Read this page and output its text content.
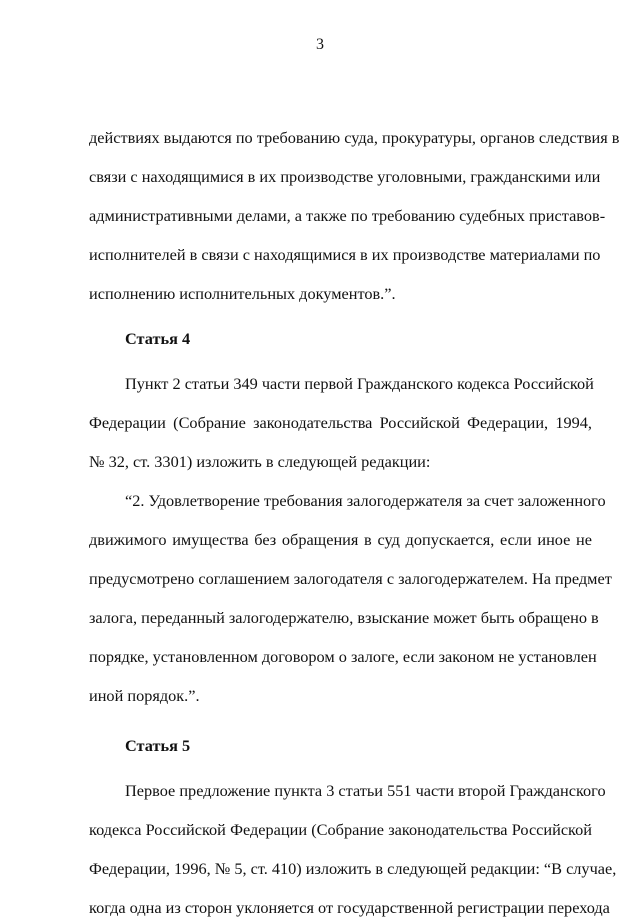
3
действиях выдаются по требованию суда, прокуратуры, органов следствия в
связи с находящимися в их производстве уголовными, гражданскими или
административными делами, а также по требованию судебных приставов-
исполнителей в связи с находящимися в их производстве материалами по
исполнению исполнительных документов.”.
Статья 4
Пункт 2 статьи 349 части первой Гражданского кодекса Российской
Федерации (Собрание законодательства Российской Федерации, 1994,
№ 32, ст. 3301) изложить в следующей редакции:
“2. Удовлетворение требования залогодержателя за счет заложенного
движимого имущества без обращения в суд допускается, если иное не
предусмотрено соглашением залогодателя с залогодержателем. На предмет
залога, переданный залогодержателю, взыскание может быть обращено в
порядке, установленном договором о залоге, если законом не установлен
иной порядок.”.
Статья 5
Первое предложение пункта 3 статьи 551 части второй Гражданского
кодекса Российской Федерации (Собрание законодательства Российской
Федерации, 1996, № 5, ст. 410) изложить в следующей редакции: “В случае,
когда одна из сторон уклоняется от государственной регистрации перехода
